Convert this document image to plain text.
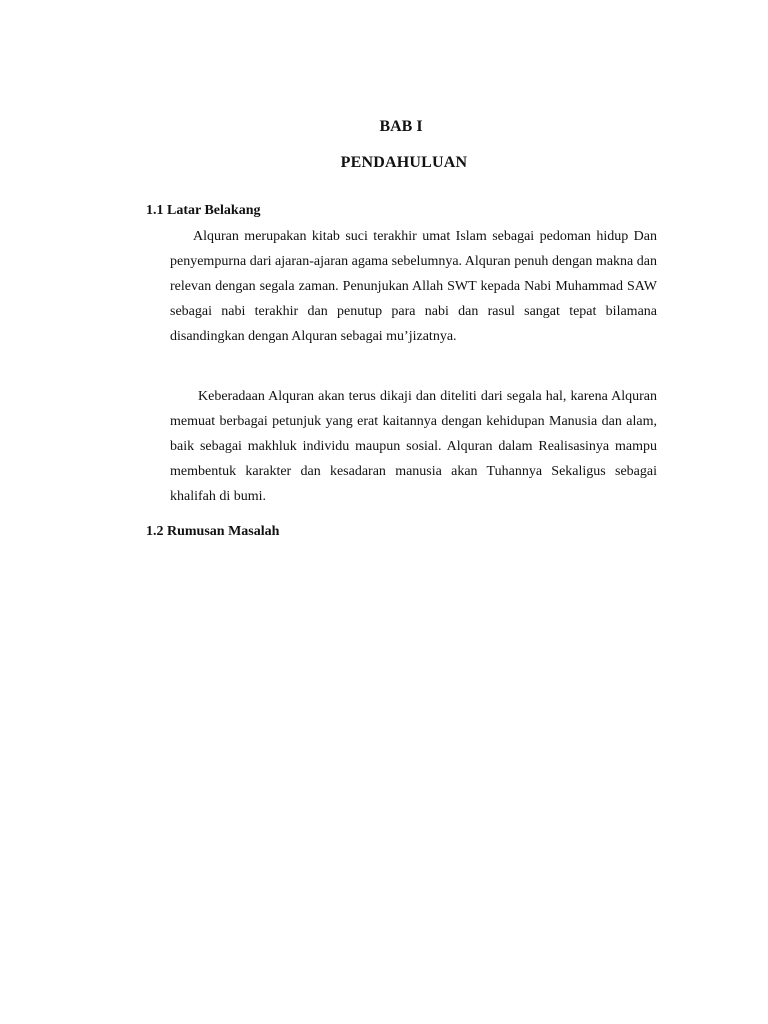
BAB I
PENDAHULUAN
1.1 Latar Belakang

Alquran merupakan kitab suci terakhir umat Islam sebagai pedoman hidup Dan penyempurna dari ajaran-ajaran agama sebelumnya. Alquran penuh dengan makna dan relevan dengan segala zaman. Penunjukan Allah SWT kepada Nabi Muhammad SAW sebagai nabi terakhir dan penutup para nabi dan rasul sangat tepat bilamana disandingkan dengan Alquran sebagai mu’jizatnya.

Keberadaan Alquran akan terus dikaji dan diteliti dari segala hal, karena Alquran memuat berbagai petunjuk yang erat kaitannya dengan kehidupan Manusia dan alam, baik sebagai makhluk individu maupun sosial. Alquran dalam Realisasinya mampu membentuk karakter dan kesadaran manusia akan Tuhannya Sekaligus sebagai khalifah di bumi.

1.2 Rumusan Masalah
